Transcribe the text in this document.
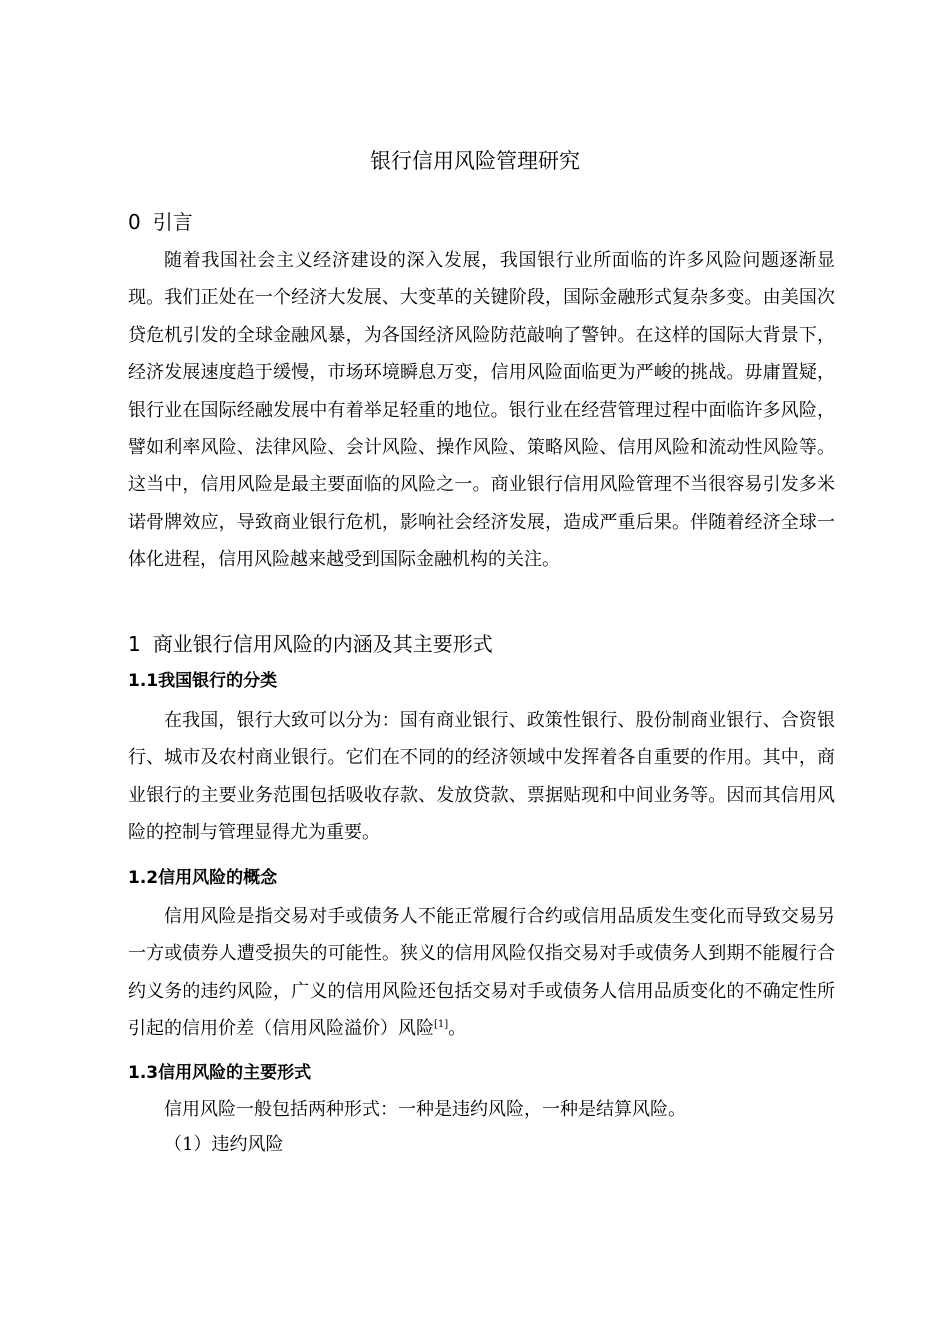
银行信用风险管理研究
0 引言
随着我国社会主义经济建设的深入发展，我国银行业所面临的许多风险问题逐渐显现。我们正处在一个经济大发展、大变革的关键阶段，国际金融形式复杂多变。由美国次贷危机引发的全球金融风暴，为各国经济风险防范敲响了警钟。在这样的国际大背景下，经济发展速度趋于缓慢，市场环境瞬息万变，信用风险面临更为严峻的挑战。毋庸置疑，银行业在国际经融发展中有着举足轻重的地位。银行业在经营管理过程中面临许多风险，譬如利率风险、法律风险、会计风险、操作风险、策略风险、信用风险和流动性风险等。这当中，信用风险是最主要面临的风险之一。商业银行信用风险管理不当很容易引发多米诺骨牌效应，导致商业银行危机，影响社会经济发展，造成严重后果。伴随着经济全球一体化进程，信用风险越来越受到国际金融机构的关注。
1 商业银行信用风险的内涵及其主要形式
1.1我国银行的分类
在我国，银行大致可以分为：国有商业银行、政策性银行、股份制商业银行、合资银行、城市及农村商业银行。它们在不同的的经济领域中发挥着各自重要的作用。其中，商业银行的主要业务范围包括吸收存款、发放贷款、票据贴现和中间业务等。因而其信用风险的控制与管理显得尤为重要。
1.2信用风险的概念
信用风险是指交易对手或债务人不能正常履行合约或信用品质发生变化而导致交易另一方或债券人遭受损失的可能性。狭义的信用风险仅指交易对手或债务人到期不能履行合约义务的违约风险，广义的信用风险还包括交易对手或债务人信用品质变化的不确定性所引起的信用价差（信用风险溢价）风险[1]。
1.3信用风险的主要形式
信用风险一般包括两种形式：一种是违约风险，一种是结算风险。
（1）违约风险
